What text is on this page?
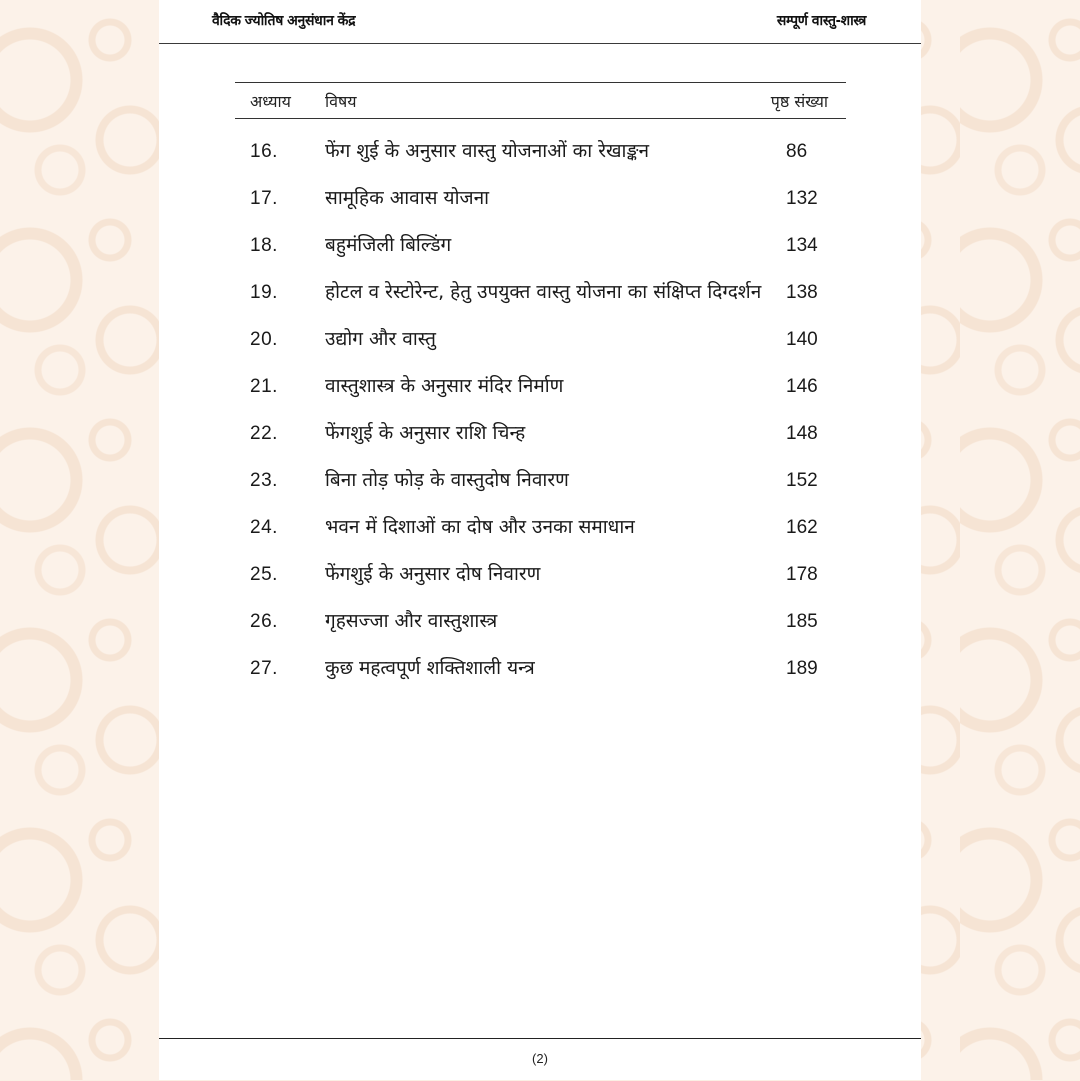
वैदिक ज्योतिष अनुसंधान केंद्र	सम्पूर्ण वास्तु-शास्त्र
अध्याय	विषय	पृष्ठ संख्या
16.	फेंग शुई के अनुसार वास्तु योजनाओं का रेखाङ्कन	86
17.	सामूहिक आवास योजना	132
18.	बहुमंजिली बिल्डिंग	134
19.	होटल व रेस्टोरेन्ट, हेतु उपयुक्त वास्तु योजना का संक्षिप्त दिग्दर्शन	138
20.	उद्योग और वास्तु	140
21.	वास्तुशास्त्र के अनुसार मंदिर निर्माण	146
22.	फेंगशुई के अनुसार राशि चिन्ह	148
23.	बिना तोड़ फोड़ के वास्तुदोष निवारण	152
24.	भवन में दिशाओं का दोष और उनका समाधान	162
25.	फेंगशुई के अनुसार दोष निवारण	178
26.	गृहसज्जा और वास्तुशास्त्र	185
27.	कुछ महत्वपूर्ण शक्तिशाली यन्त्र	189
(2)
